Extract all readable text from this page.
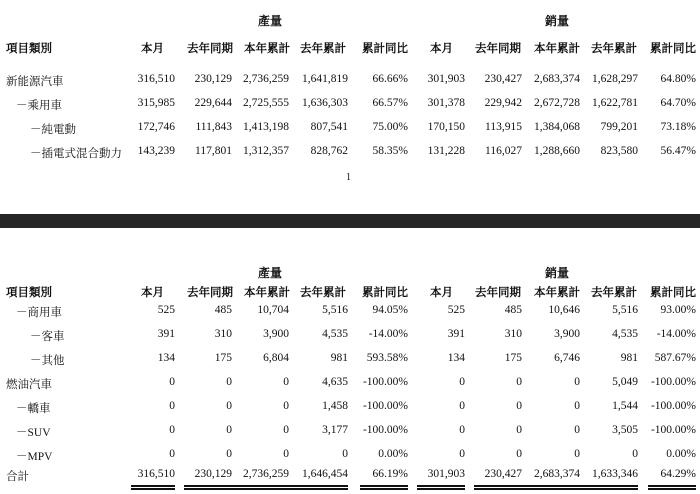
產量	銷量
項目類別	本月 去年同期 本年累計 去年累計 累計同比 本月 去年同期 本年累計 去年累計 累計同比
新能源汽車	316,510 230,129 2,736,259 1,641,819 66.66% 301,903 230,427 2,683,374 1,628,297 64.80%
－乘用車	315,985 229,644 2,725,555 1,636,303 66.57% 301,378 229,942 2,672,728 1,622,781 64.70%
－純電動	172,746 111,843 1,413,198 807,541 75.00% 170,150 113,915 1,384,068 799,201 73.18%
－插電式混合動力 143,239 117,801 1,312,357 828,762 58.35% 131,228 116,027 1,288,660 823,580 56.47%
1
產量	銷量
項目類別	本月 去年同期 本年累計 去年累計 累計同比 本月 去年同期 本年累計 去年累計 累計同比
－商用車	525	485 10,704	5,516 94.05%	525	485 10,646	5,516 93.00%
－客車	391	310	3,900	4,535 -14.00%	391	310	3,900	4,535 -14.00%
－其他	134	175	6,804	981 593.58%	134	175	6,746	981 587.67%
燃油汽車	0	0	0	4,635 -100.00%	0	0	0	5,049 -100.00%
－轎車	0	0	0	1,458 -100.00%	0	0	0	1,544 -100.00%
－SUV	0	0	0	3,177 -100.00%	0	0	0	3,505 -100.00%
－MPV	0	0	0	0	0.00%	0	0	0	0 0.00%
合計	316,510 230,129 2,736,259 1,646,454 66.19% 301,903 230,427 2,683,374 1,633,346 64.29%
